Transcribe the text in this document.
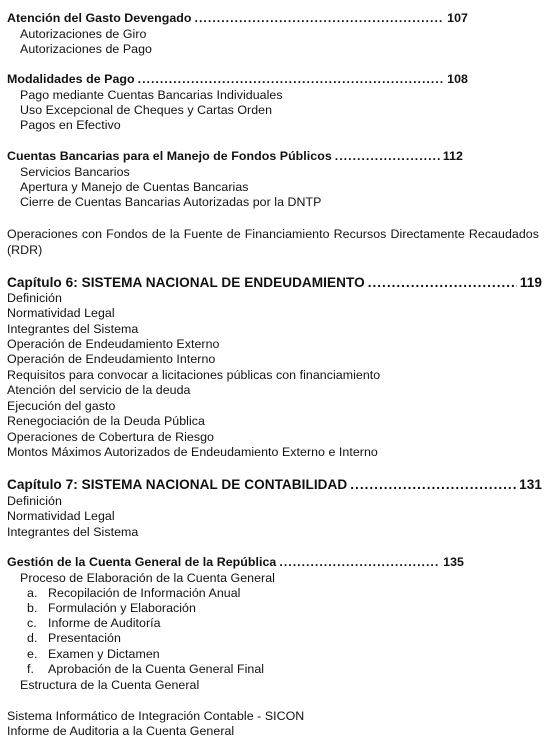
Atención del Gasto Devengado .....	107
Autorizaciones de Giro
Autorizaciones de Pago
Modalidades de Pago .....	108
Pago mediante Cuentas Bancarias Individuales
Uso Excepcional de Cheques y Cartas Orden
Pagos en Efectivo
Cuentas Bancarias para el Manejo de Fondos Públicos .....	112
Servicios Bancarios
Apertura y Manejo de Cuentas Bancarias
Cierre de Cuentas Bancarias Autorizadas por la DNTP
Operaciones con Fondos de la Fuente de Financiamiento Recursos Directamente Recaudados (RDR)
Capítulo 6: SISTEMA NACIONAL DE ENDEUDAMIENTO .....	119
Definición
Normatividad Legal
Integrantes del Sistema
Operación de Endeudamiento Externo
Operación de Endeudamiento Interno
Requisitos para convocar a licitaciones públicas con financiamiento
Atención del servicio de la deuda
Ejecución del gasto
Renegociación de la Deuda Pública
Operaciones de Cobertura de Riesgo
Montos Máximos Autorizados de Endeudamiento Externo e Interno
Capítulo 7: SISTEMA NACIONAL DE CONTABILIDAD .....	131
Definición
Normatividad Legal
Integrantes del Sistema
Gestión de la Cuenta General de la República .....	135
Proceso de Elaboración de la Cuenta General
a. Recopilación de Información Anual
b. Formulación y Elaboración
c. Informe de Auditoría
d. Presentación
e. Examen y Dictamen
f. Aprobación de la Cuenta General Final
Estructura de la Cuenta General
Sistema Informático de Integración Contable - SICON
Informe de Auditoria a la Cuenta General
